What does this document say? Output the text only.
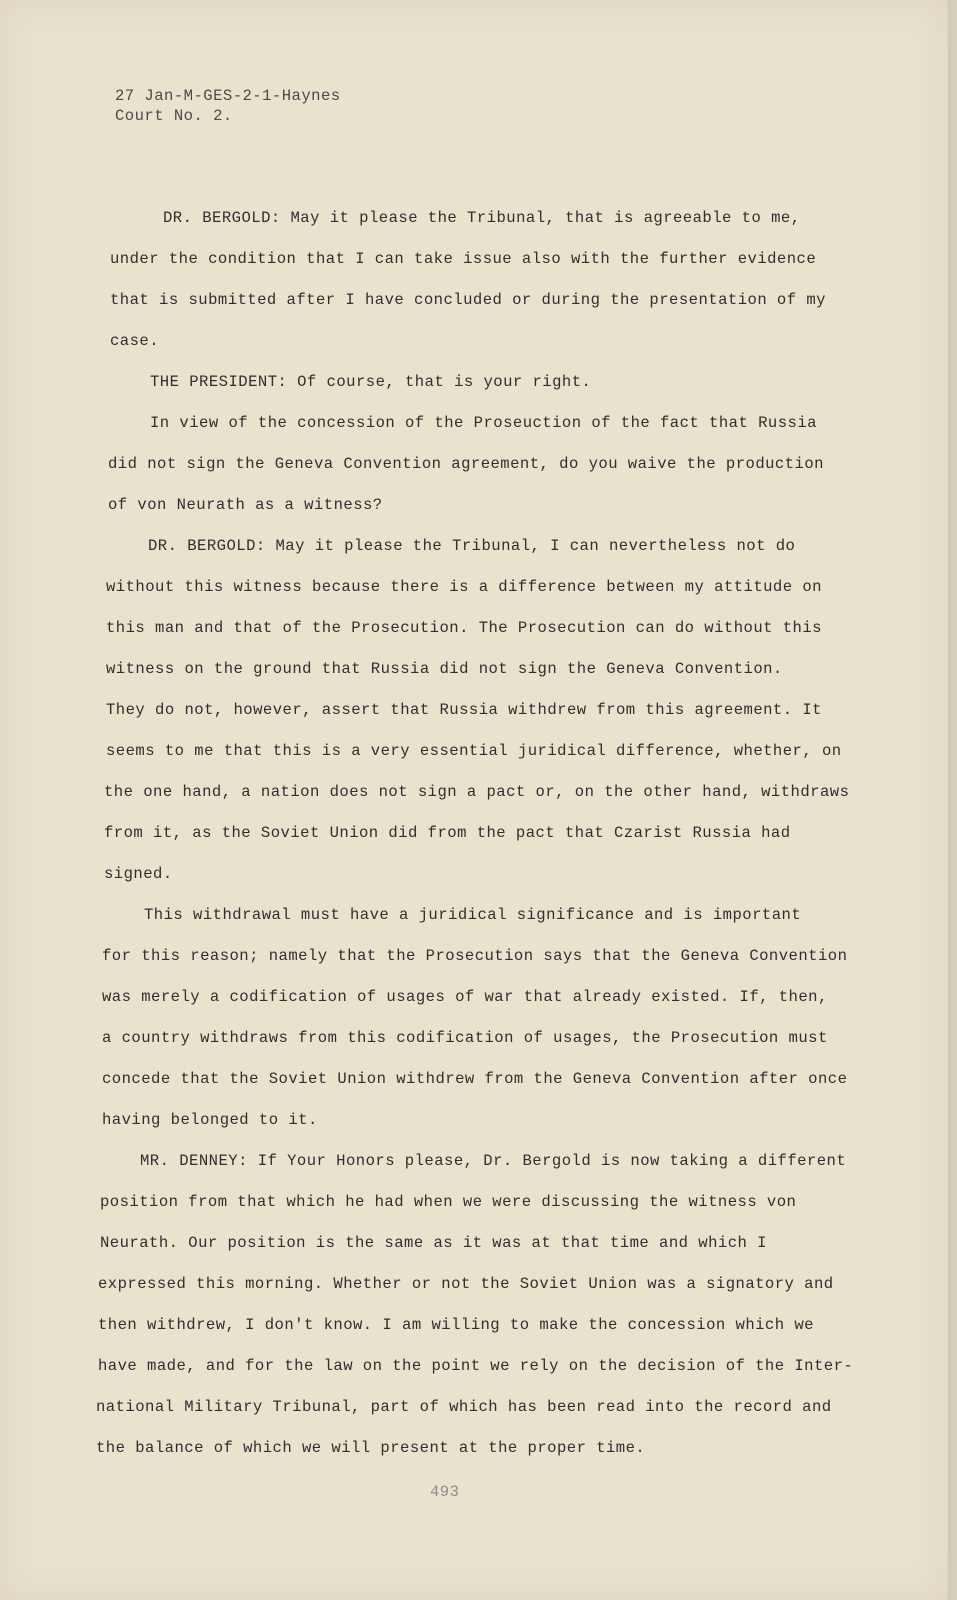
27 Jan-M-GES-2-1-Haynes
Court No. 2.
DR. BERGOLD: May it please the Tribunal, that is agreeable to me,
under the condition that I can take issue also with the further evidence
that is submitted after I have concluded or during the presentation of my
case.
THE PRESIDENT: Of course, that is your right.
In view of the concession of the Proseuction of the fact that Russia
did not sign the Geneva Convention agreement, do you waive the production
of von Neurath as a witness?
DR. BERGOLD: May it please the Tribunal, I can nevertheless not do
without this witness because there is a difference between my attitude on
this man and that of the Prosecution. The Prosecution can do without this
witness on the ground that Russia did not sign the Geneva Convention.
They do not, however, assert that Russia withdrew from this agreement. It
seems to me that this is a very essential juridical difference, whether, on
the one hand, a nation does not sign a pact or, on the other hand, withdraws
from it, as the Soviet Union did from the pact that Czarist Russia had
signed.
This withdrawal must have a juridical significance and is important
for this reason; namely that the Prosecution says that the Geneva Convention
was merely a codification of usages of war that already existed. If, then,
a country withdraws from this codification of usages, the Prosecution must
concede that the Soviet Union withdrew from the Geneva Convention after once
having belonged to it.
MR. DENNEY: If Your Honors please, Dr. Bergold is now taking a different
position from that which he had when we were discussing the witness von
Neurath. Our position is the same as it was at that time and which I
expressed this morning. Whether or not the Soviet Union was a signatory and
then withdrew, I don't know. I am willing to make the concession which we
have made, and for the law on the point we rely on the decision of the Inter-
national Military Tribunal, part of which has been read into the record and
the balance of which we will present at the proper time.
493
